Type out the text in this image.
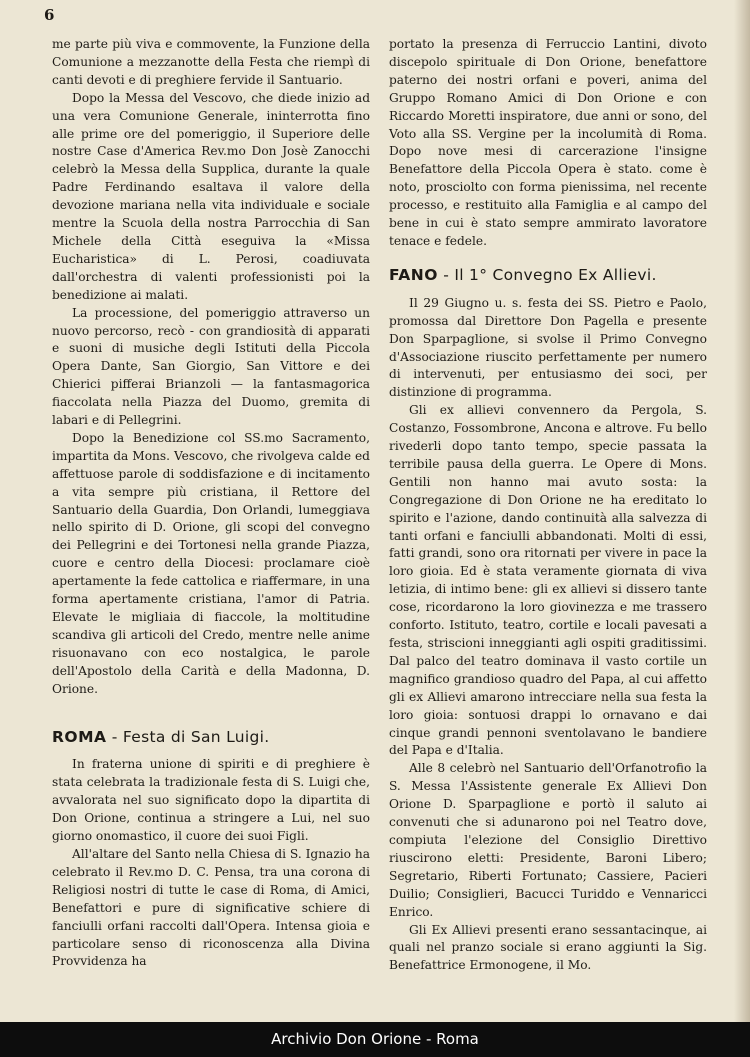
6

me parte più viva e commovente, la Funzione della Comunione a mezzanotte della Festa che riempì di canti devoti e di preghiere fervide il Santuario.

Dopo la Messa del Vescovo, che diede inizio ad una vera Comunione Generale, ininterrotta fino alle prime ore del pomeriggio, il Superiore delle nostre Case d'America Rev.mo Don Josè Zanocchi celebrò la Messa della Supplica, durante la quale Padre Ferdinando esaltava il valore della devozione mariana nella vita individuale e sociale mentre la Scuola della nostra Parrocchia di San Michele della Città eseguiva la «Missa Eucharistica» di L. Perosi, coadiuvata dall'orchestra di valenti professionisti poi la benedizione ai malati.

La processione, del pomeriggio attraverso un nuovo percorso, recò - con grandiosità di apparati e suoni di musiche degli Istituti della Piccola Opera Dante, San Giorgio, San Vittore e dei Chierici pifferai Brianzoli — la fantasmagorica fiaccolata nella Piazza del Duomo, gremita di labari e di Pellegrini.

Dopo la Benedizione col SS.mo Sacramento, impartita da Mons. Vescovo, che rivolgeva calde ed affettuose parole di soddisfazione e di incitamento a vita sempre più cristiana, il Rettore del Santuario della Guardia, Don Orlandi, lumeggiava nello spirito di D. Orione, gli scopi del convegno dei Pellegrini e dei Tortonesi nella grande Piazza, cuore e centro della Diocesi: proclamare cioè apertamente la fede cattolica e riaffermare, in una forma apertamente cristiana, l'amor di Patria. Elevate le migliaia di fiaccole, la moltitudine scandiva gli articoli del Credo, mentre nelle anime risuonavano con eco nostalgica, le parole dell'Apostolo della Carità e della Madonna, D. Orione.

ROMA - Festa di San Luigi.

In fraterna unione di spiriti e di preghiere è stata celebrata la tradizionale festa di S. Luigi che, avvalorata nel suo significato dopo la dipartita di Don Orione, continua a stringere a Lui, nel suo giorno onomastico, il cuore dei suoi Figli.

All'altare del Santo nella Chiesa di S. Ignazio ha celebrato il Rev.mo D. C. Pensa, tra una corona di Religiosi nostri di tutte le case di Roma, di Amici, Benefattori e pure di significative schiere di fanciulli orfani raccolti dall'Opera. Intensa gioia e particolare senso di riconoscenza alla Divina Provvidenza ha

portato la presenza di Ferruccio Lantini, divoto discepolo spirituale di Don Orione, benefattore paterno dei nostri orfani e poveri, anima del Gruppo Romano Amici di Don Orione e con Riccardo Moretti inspiratore, due anni or sono, del Voto alla SS. Vergine per la incolumità di Roma. Dopo nove mesi di carcerazione l'insigne Benefattore della Piccola Opera è stato. come è noto, prosciolto con forma pienissima, nel recente processo, e restituito alla Famiglia e al campo del bene in cui è stato sempre ammirato lavoratore tenace e fedele.

FANO - Il 1° Convegno Ex Allievi.

Il 29 Giugno u. s. festa dei SS. Pietro e Paolo, promossa dal Direttore Don Pagella e presente Don Sparpaglione, si svolse il Primo Convegno d'Associazione riuscito perfettamente per numero di intervenuti, per entusiasmo dei soci, per distinzione di programma.

Gli ex allievi convennero da Pergola, S. Costanzo, Fossombrone, Ancona e altrove. Fu bello rivederli dopo tanto tempo, specie passata la terribile pausa della guerra. Le Opere di Mons. Gentili non hanno mai avuto sosta: la Congregazione di Don Orione ne ha ereditato lo spirito e l'azione, dando continuità alla salvezza di tanti orfani e fanciulli abbandonati. Molti di essi, fatti grandi, sono ora ritornati per vivere in pace la loro gioia. Ed è stata veramente giornata di viva letizia, di intimo bene: gli ex allievi si dissero tante cose, ricordarono la loro giovinezza e me trassero conforto. Istituto, teatro, cortile e locali pavesati a festa, striscioni inneggianti agli ospiti graditissimi. Dal palco del teatro dominava il vasto cortile un magnifico grandioso quadro del Papa, al cui affetto gli ex Allievi amarono intrecciare nella sua festa la loro gioia: sontuosi drappi lo ornavano e dai cinque grandi pennoni sventolavano le bandiere del Papa e d'Italia.

Alle 8 celebrò nel Santuario dell'Orfanotrofio la S. Messa l'Assistente generale Ex Allievi Don Orione D. Sparpaglione e portò il saluto ai convenuti che si adunarono poi nel Teatro dove, compiuta l'elezione del Consiglio Direttivo riuscirono eletti: Presidente, Baroni Libero; Segretario, Riberti Fortunato; Cassiere, Pacieri Duilio; Consiglieri, Bacucci Turiddo e Vennaricci Enrico.

Gli Ex Allievi presenti erano sessantacinque, ai quali nel pranzo sociale si erano aggiunti la Sig. Benefattrice Ermonogene, il Mo.

Archivio Don Orione - Roma
